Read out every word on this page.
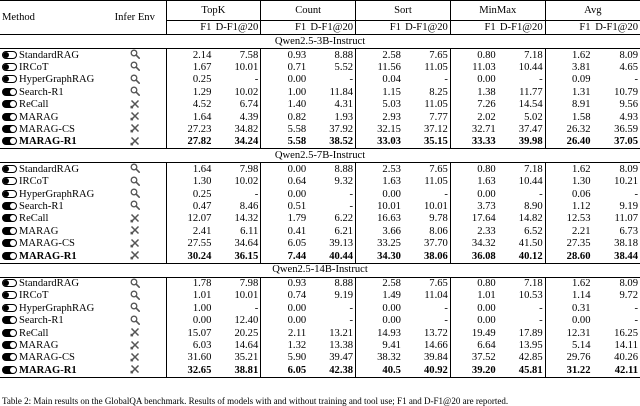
Method	Infer Env	TopK		Count		Sort		MinMax		Avg	
		F1	D-F1@20	F1	D-F1@20	F1	D-F1@20	F1	D-F1@20	F1	D-F1@20
Qwen2.5-3B-Instruct											

StandardRAG		2.14	7.58	0.93	8.88	2.58	7.65	0.80	7.18	1.62	8.09

IRCoT		1.67	10.01	0.71	5.52	11.56	11.05	11.03	10.44	3.81	4.65

HyperGraphRAG		0.25	-	0.00	-	0.04	-	0.00	-	0.09	-

Search-R1		1.29	10.02	1.00	11.84	1.15	8.25	1.38	11.77	1.31	10.79

ReCall		4.52	6.74	1.40	4.31	5.03	11.05	7.26	14.54	8.91	9.56

MARAG		1.64	4.39	0.82	1.93	2.93	7.77	2.02	5.02	1.58	4.93

MARAG-CS		27.23	34.82	5.58	37.92	32.15	37.12	32.71	37.47	26.32	36.59

MARAG-R1		27.82	34.24	5.58	38.52	33.03	35.15	33.33	39.98	26.40	37.05
Qwen2.5-7B-Instruct											

StandardRAG		1.64	7.98	0.00	8.88	2.53	7.65	0.80	7.18	1.62	8.09

IRCoT		1.30	10.02	0.64	9.32	1.63	11.05	1.63	10.44	1.30	10.21

HyperGraphRAG		0.25	-	0.00	-	0.00	-	0.00	-	0.06	-

Search-R1		0.47	8.46	0.51	-	10.01	10.01	3.73	8.90	1.12	9.19

ReCall		12.07	14.32	1.79	6.22	16.63	9.78	17.64	14.82	12.53	11.07

MARAG		2.41	6.11	0.41	6.21	3.66	8.06	2.33	6.52	2.21	6.73

MARAG-CS		27.55	34.64	6.05	39.13	33.25	37.70	34.32	41.50	27.35	38.18

MARAG-R1		30.24	36.15	7.44	40.44	34.30	38.06	36.08	40.12	28.60	38.44
Qwen2.5-14B-Instruct											

StandardRAG		1.78	7.98	0.93	8.88	2.58	7.65	0.80	7.18	1.62	8.09

IRCoT		1.01	10.01	0.74	9.19	1.49	11.04	1.01	10.53	1.14	9.72

HyperGraphRAG		1.00	-	0.00	-	0.00	-	0.00	-	0.31	-

Search-R1		0.00	12.40	0.00	-	0.00	-	0.00	-	0.00	-

ReCall		15.07	20.25	2.11	13.21	14.93	13.72	19.49	17.89	12.31	16.25

MARAG		6.03	14.64	1.32	13.38	9.41	14.66	6.64	13.95	5.14	14.11

MARAG-CS		31.60	35.21	5.90	39.47	38.32	39.84	37.52	42.85	29.76	40.26

MARAG-R1		32.65	38.81	6.05	42.38	40.5	40.92	39.20	45.81	31.22	42.11
Table 2: Main results on the GlobalQA benchmark. Results of models with and without training and tool use; F1 and D-F1@20 are reported.
